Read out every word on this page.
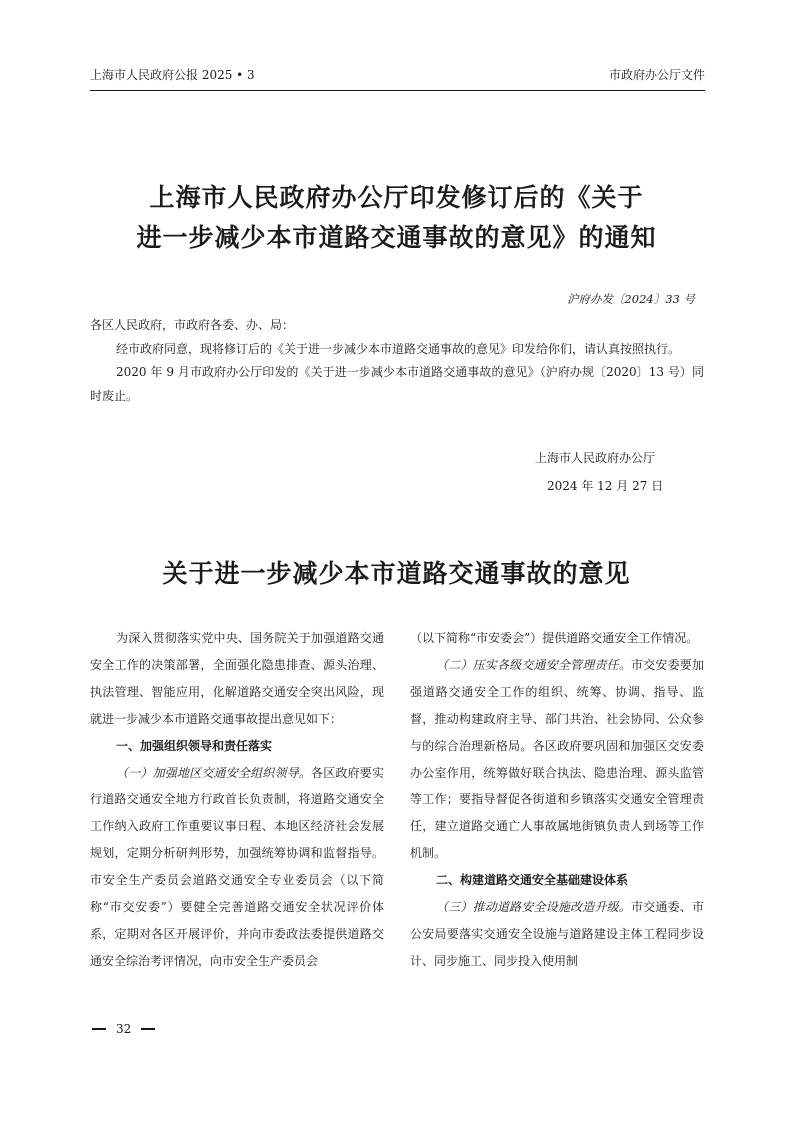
上海市人民政府公报 2025 • 3	市政府办公厅文件
上海市人民政府办公厅印发修订后的《关于
进一步减少本市道路交通事故的意见》的通知
沪府办发〔2024〕33 号

各区人民政府，市政府各委、办、局：

经市政府同意，现将修订后的《关于进一步减少本市道路交通事故的意见》印发给你们，请认真按照执行。

2020 年 9 月市政府办公厅印发的《关于进一步减少本市道路交通事故的意见》（沪府办规〔2020〕13 号）同时废止。

上海市人民政府办公厅
2024 年 12 月 27 日
关于进一步减少本市道路交通事故的意见

为深入贯彻落实党中央、国务院关于加强道路交通安全工作的决策部署，全面强化隐患排查、源头治理、执法管理、智能应用，化解道路交通安全突出风险，现就进一步减少本市道路交通事故提出意见如下：

一、加强组织领导和责任落实

（一）加强地区交通安全组织领导。各区政府要实行道路交通安全地方行政首长负责制，将道路交通安全工作纳入政府工作重要议事日程、本地区经济社会发展规划，定期分析研判形势，加强统筹协调和监督指导。市安全生产委员会道路交通安全专业委员会（以下简称“市交安委”）要健全完善道路交通安全状况评价体系，定期对各区开展评价，并向市委政法委提供道路交通安全综治考评情况，向市安全生产委员会

（以下简称“市安委会”）提供道路交通安全工作情况。

（二）压实各级交通安全管理责任。市交安委要加强道路交通安全工作的组织、统筹、协调、指导、监督，推动构建政府主导、部门共治、社会协同、公众参与的综合治理新格局。各区政府要巩固和加强区交安委办公室作用，统筹做好联合执法、隐患治理、源头监管等工作；要指导督促各街道和乡镇落实交通安全管理责任，建立道路交通亡人事故属地街镇负责人到场等工作机制。

二、构建道路交通安全基础建设体系

（三）推动道路安全设施改造升级。市交通委、市公安局要落实交通安全设施与道路建设主体工程同步设计、同步施工、同步投入使用制

32
